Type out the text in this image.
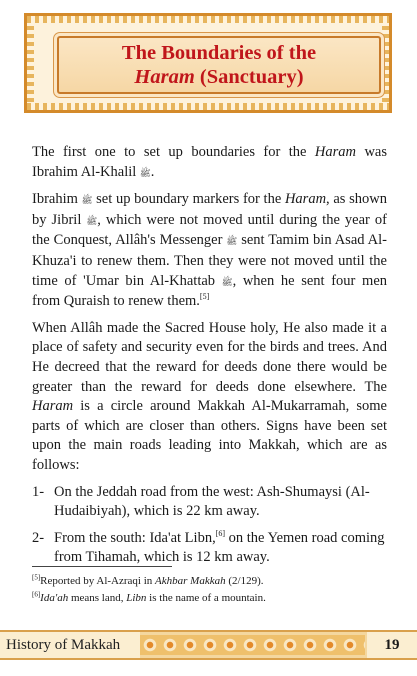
The Boundaries of the
Haram (Sanctuary)

The first one to set up boundaries for the Haram was Ibrahim Al-Khalil ﷺ.

Ibrahim ﷺ set up boundary markers for the Haram, as shown by Jibril ﷺ, which were not moved until during the year of the Conquest, Allâh's Messenger ﷺ sent Tamim bin Asad Al-Khuza'i to renew them. Then they were not moved until the time of 'Umar bin Al-Khattab ﷺ, when he sent four men from Quraish to renew them.[5]

When Allâh made the Sacred House holy, He also made it a place of safety and security even for the birds and trees. And He decreed that the reward for deeds done there would be greater than the reward for deeds done elsewhere. The Haram is a circle around Makkah Al-Mukarramah, some parts of which are closer than others. Signs have been set upon the main roads leading into Makkah, which are as follows:

1- On the Jeddah road from the west: Ash-Shumaysi (Al-Hudaibiyah), which is 22 km away.
2- From the south: Ida'at Libn,[6] on the Yemen road coming from Tihamah, which is 12 km away.
[5]Reported by Al-Azraqi in Akhbar Makkah (2/129).
[6]Ida'ah means land, Libn is the name of a mountain.
History of Makkah	19
